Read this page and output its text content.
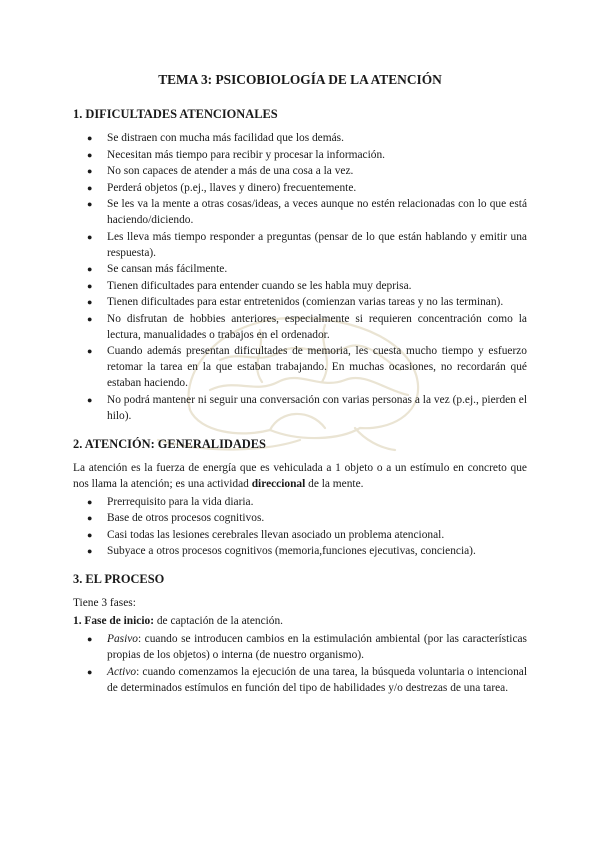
TEMA 3: PSICOBIOLOGÍA DE LA ATENCIÓN
1. DIFICULTADES ATENCIONALES
● Se distraen con mucha más facilidad que los demás.
● Necesitan más tiempo para recibir y procesar la información.
● No son capaces de atender a más de una cosa a la vez.
● Perderá objetos (p.ej., llaves y dinero) frecuentemente.
● Se les va la mente a otras cosas/ideas, a veces aunque no estén relacionadas con lo que está haciendo/diciendo.
● Les lleva más tiempo responder a preguntas (pensar de lo que están hablando y emitir una respuesta).
● Se cansan más fácilmente.
● Tienen dificultades para entender cuando se les habla muy deprisa.
● Tienen dificultades para estar entretenidos (comienzan varias tareas y no las terminan).
● No disfrutan de hobbies anteriores, especialmente si requieren concentración como la lectura, manualidades o trabajos en el ordenador.
● Cuando además presentan dificultades de memoria, les cuesta mucho tiempo y esfuerzo retomar la tarea en la que estaban trabajando. En muchas ocasiones, no recordarán qué estaban haciendo.
● No podrá mantener ni seguir una conversación con varias personas a la vez (p.ej., pierden el hilo).
2. ATENCIÓN: GENERALIDADES

La atención es la fuerza de energía que es vehiculada a 1 objeto o a un estímulo en concreto que nos llama la atención; es una actividad direccional de la mente.

● Prerrequisito para la vida diaria.
● Base de otros procesos cognitivos.
● Casi todas las lesiones cerebrales llevan asociado un problema atencional.
● Subyace a otros procesos cognitivos (memoria,funciones ejecutivas, conciencia).
3. EL PROCESO

Tiene 3 fases:

1. Fase de inicio: de captación de la atención.

● Pasivo: cuando se introducen cambios en la estimulación ambiental (por las características propias de los objetos) o interna (de nuestro organismo).
● Activo: cuando comenzamos la ejecución de una tarea, la búsqueda voluntaria o intencional de determinados estímulos en función del tipo de habilidades y/o destrezas de una tarea.
